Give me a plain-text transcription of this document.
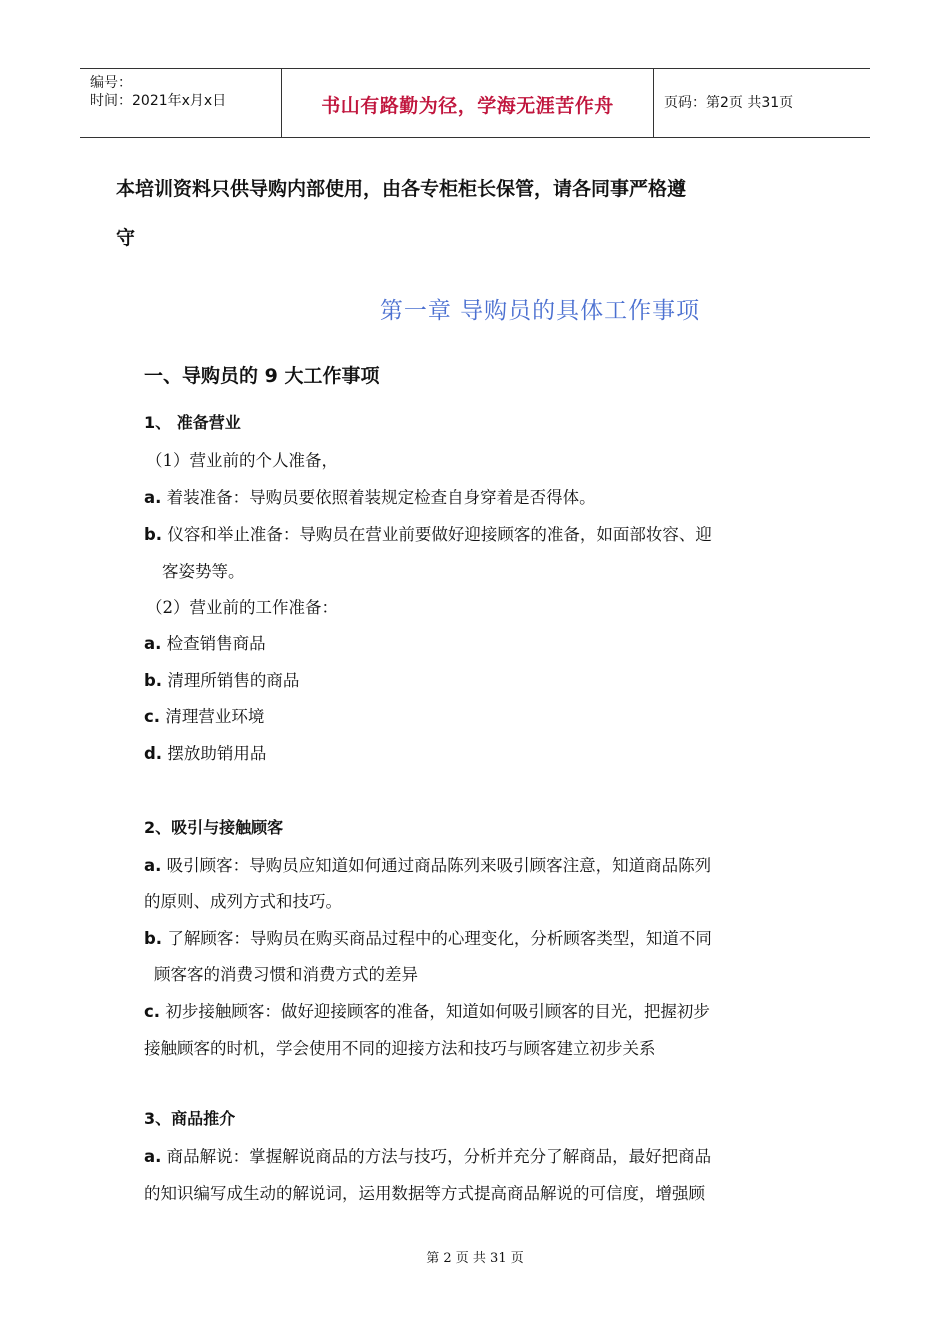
编号：
时间：2021年x月x日	书山有路勤为径，学海无涯苦作舟	页码：第2页 共31页
本培训资料只供导购内部使用，由各专柜柜长保管，请各同事严格遵
守
第一章 导购员的具体工作事项
一、导购员的 9 大工作事项
1、 准备营业
（1）营业前的个人准备，
a. 着装准备：导购员要依照着装规定检查自身穿着是否得体。
b. 仪容和举止准备：导购员在营业前要做好迎接顾客的准备，如面部妆容、迎
客姿势等。
（2）营业前的工作准备：
a. 检查销售商品
b. 清理所销售的商品
c. 清理营业环境
d. 摆放助销用品
2、吸引与接触顾客
a. 吸引顾客：导购员应知道如何通过商品陈列来吸引顾客注意，知道商品陈列
的原则、成列方式和技巧。
b. 了解顾客：导购员在购买商品过程中的心理变化，分析顾客类型，知道不同
顾客客的消费习惯和消费方式的差异
c. 初步接触顾客：做好迎接顾客的准备，知道如何吸引顾客的目光，把握初步
接触顾客的时机，学会使用不同的迎接方法和技巧与顾客建立初步关系
3、商品推介
a. 商品解说：掌握解说商品的方法与技巧，分析并充分了解商品，最好把商品
的知识编写成生动的解说词，运用数据等方式提高商品解说的可信度，增强顾
第 2 页 共 31 页
